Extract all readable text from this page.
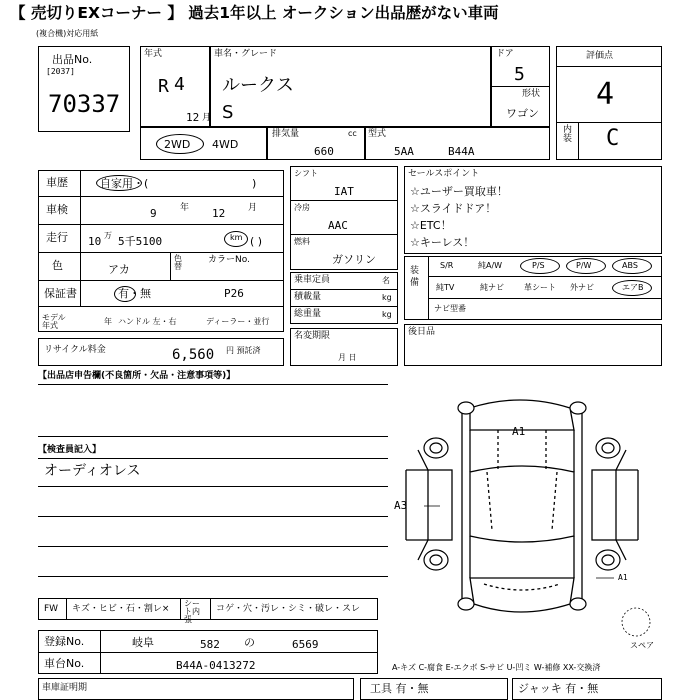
【 売切りEXコーナー 】 過去1年以上 オークション出品歴がない車両
(複合機)対応用紙
出品No.
[2037]
70337
年式
R 4
12 月
車名・グレード
ルークス
S
ドア
5
形状
ワゴン
2WD 4WD
排気量	cc
660
型式
5AA	B44A
評価点
4
内装 C
車歴	自家用・(	)
車検	9	年 12	月
走行 10 万 5千5100	km ( )
色	アカ
色替
カラーNo.
保証書	有・無	P26
モデル年式	年 ハンドル 左・右	ディーラー・並行
リサイクル料金	6,560 円 預託済
シフト
IAT
冷房
AAC
燃料
ガソリン
乗車定員	名
積載量	kg
総重量	kg
名変期限
月 日
セールスポイント
☆ユーザー買取車！
☆スライドドア！
☆ETC！
☆キーレス！
装備
S/R	純A/W	P/S	P/W	ABS
純TV	純ナビ	革シート 外ナビ	エアB
ナビ型番
後日品
【出品店申告欄(不良箇所・欠品・注意事項等)】
【検査員記入】
オーディオレス
A1
A3
A1
スペア
FW キズ・ヒビ・石・割レ×
シート内張
コゲ・穴・汚レ・シミ・破レ・スレ
登録No.	岐阜	582 の	6569
車台No.	B44A-0413272	A-キズ C-腐食 E-エクボ S-サビ U-凹ミ W-補修 XX-交換済
車庫証明期	工具 有・無	ジャッキ 有・無
